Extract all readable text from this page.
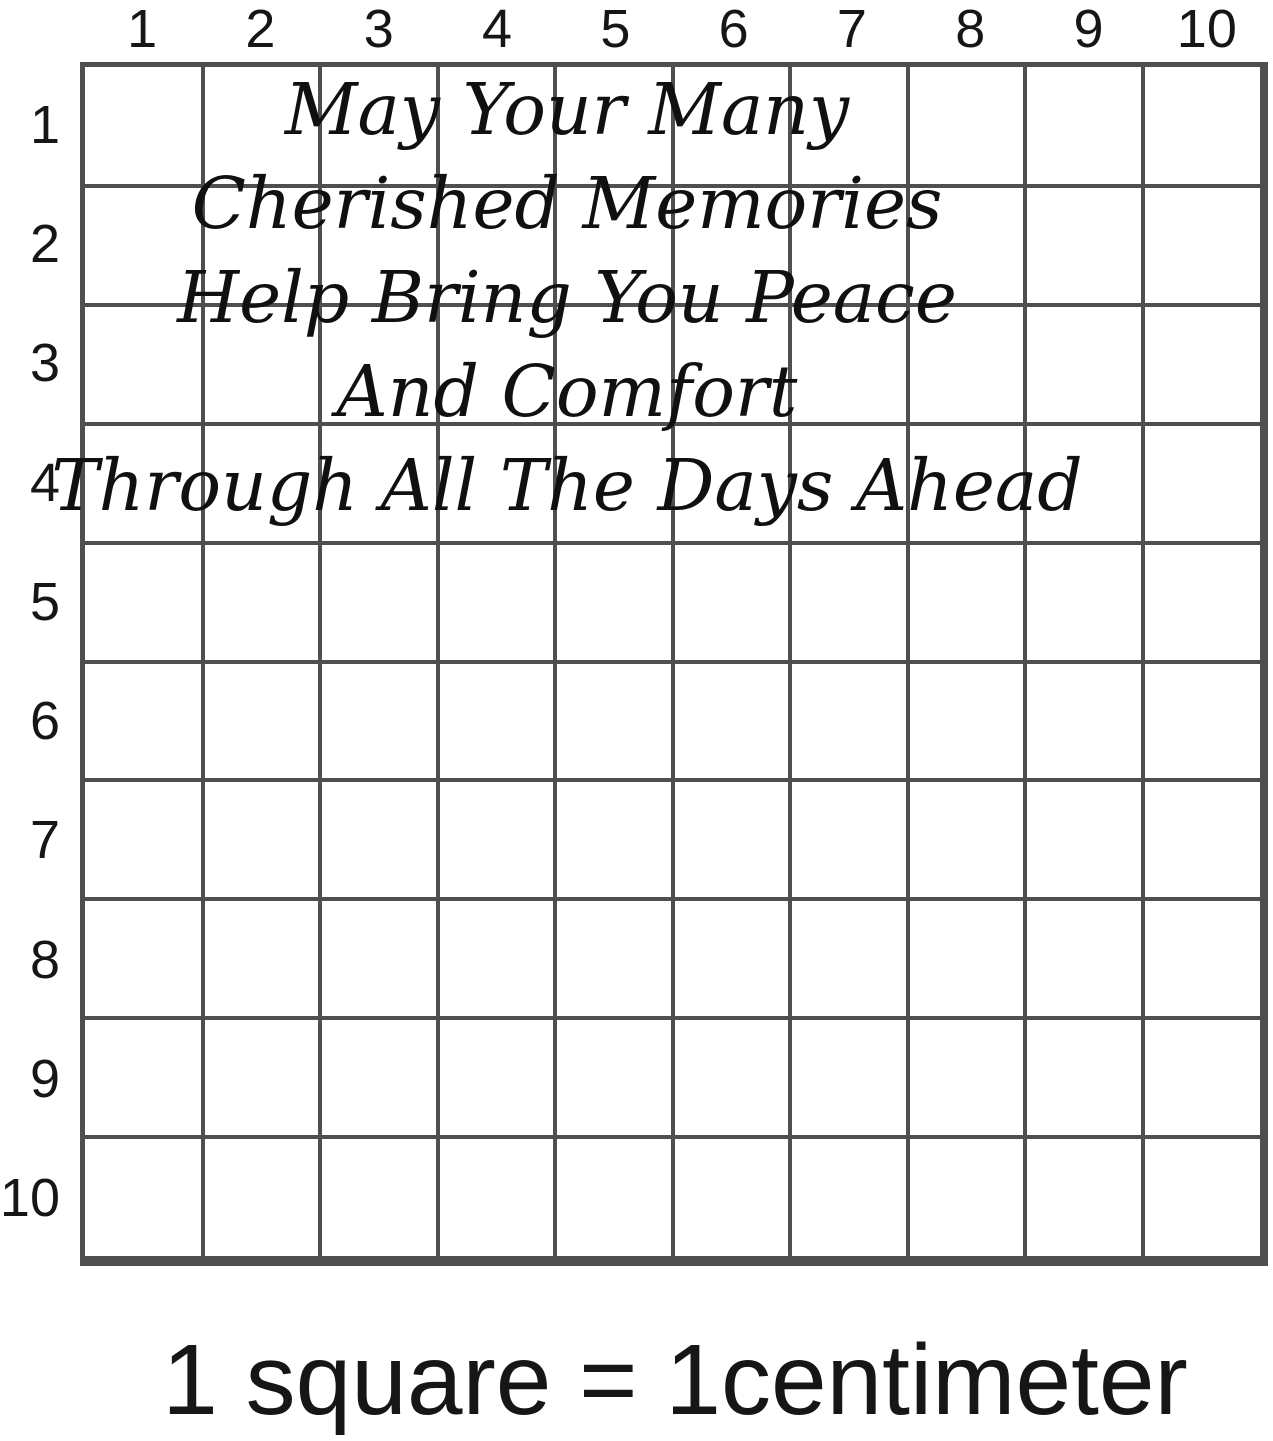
1	2	3	4	5	6	7	8	9	10
1
2
3
4
5
6
7
8
9
10
May Your Many
Cherished Memories
Help Bring You Peace
And Comfort
Through All The Days Ahead
1 square = 1centimeter
